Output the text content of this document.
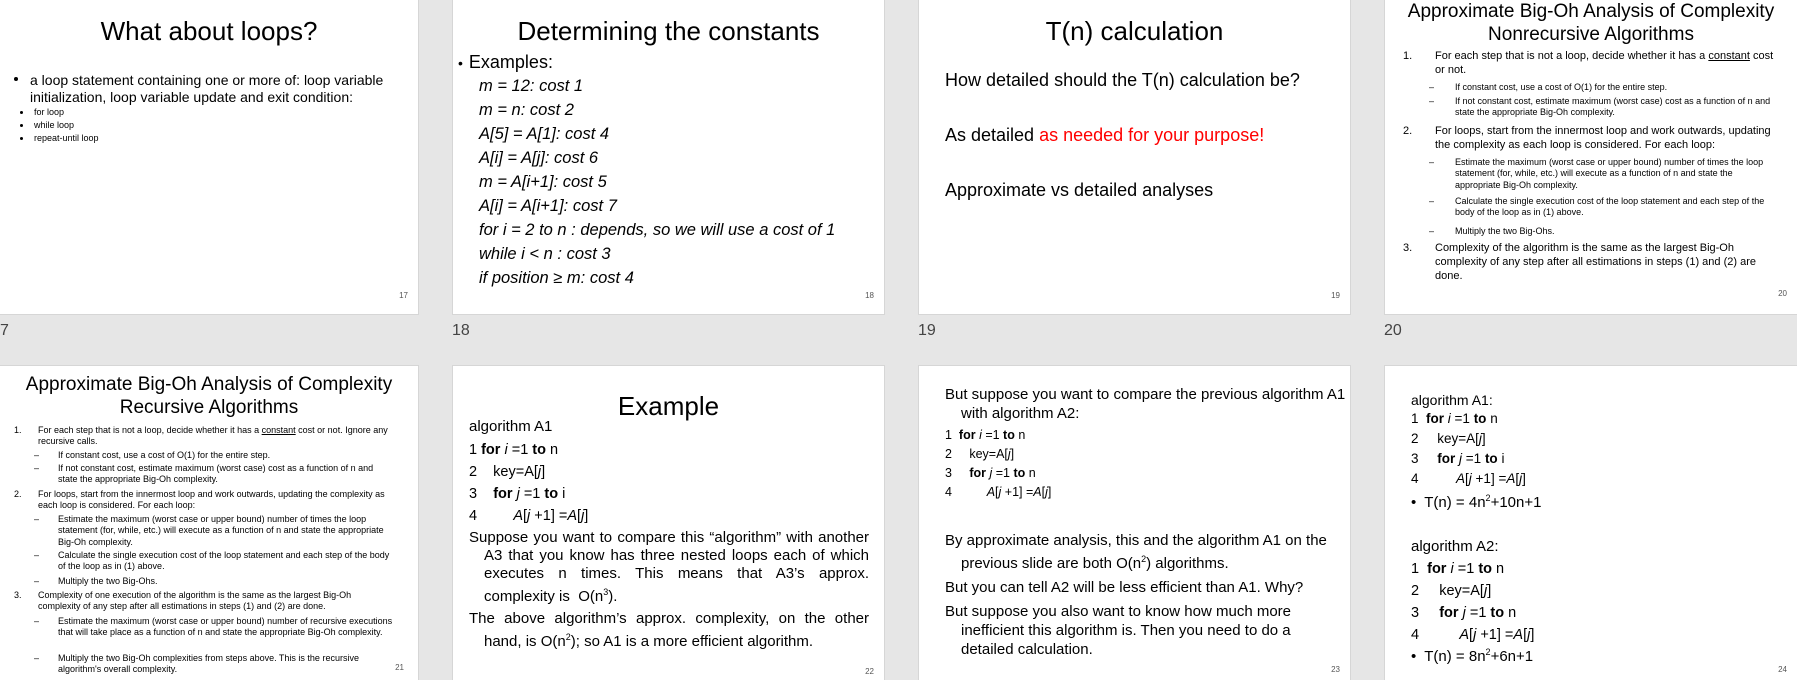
7	18	19	20
What about loops?
a loop statement containing one or more of: loop variable initialization, loop variable update and exit condition:
for loop
while loop
repeat-until loop
17
Determining the constants
• Examples:
m = 12: cost 1
m = n: cost 2
A[5] = A[1]: cost 4
A[i] = A[j]: cost 6
m = A[i+1]: cost 5
A[i] = A[i+1]: cost 7
for i = 2 to n : depends, so we will use a cost of 1
while i < n : cost 3
if position ≥ m: cost 4
18
T(n) calculation
How detailed should the T(n) calculation be?
As detailed as needed for your purpose!
Approximate vs detailed analyses
19
Approximate Big-Oh Analysis of Complexity
Nonrecursive Algorithms
1. For each step that is not a loop, decide whether it has a constant cost or not.
– If constant cost, use a cost of O(1) for the entire step.
– If not constant cost, estimate maximum (worst case) cost as a function of n and state the appropriate Big-Oh complexity.
2. For loops, start from the innermost loop and work outwards, updating the complexity as each loop is considered. For each loop:
– Estimate the maximum (worst case or upper bound) number of times the loop statement (for, while, etc.) will execute as a function of n and state the appropriate Big-Oh complexity.
– Calculate the single execution cost of the loop statement and each step of the body of the loop as in (1) above.
– Multiply the two Big-Ohs.
3. Complexity of the algorithm is the same as the largest Big-Oh complexity of any step after all estimations in steps (1) and (2) are done.
20
Approximate Big-Oh Analysis of Complexity
Recursive Algorithms
1. For each step that is not a loop, decide whether it has a constant cost or not. Ignore any recursive calls.
– If constant cost, use a cost of O(1) for the entire step.
– If not constant cost, estimate maximum (worst case) cost as a function of n and state the appropriate Big-Oh complexity.
2. For loops, start from the innermost loop and work outwards, updating the complexity as each loop is considered. For each loop:
– Estimate the maximum (worst case or upper bound) number of times the loop statement (for, while, etc.) will execute as a function of n and state the appropriate Big-Oh complexity.
– Calculate the single execution cost of the loop statement and each step of the body of the loop as in (1) above.
– Multiply the two Big-Ohs.
3. Complexity of one execution of the algorithm is the same as the largest Big-Oh complexity of any step after all estimations in steps (1) and (2) are done.
– Estimate the maximum (worst case or upper bound) number of recursive executions that will take place as a function of n and state the appropriate Big-Oh complexity.
– Multiply the two Big-Oh complexities from steps above. This is the recursive algorithm's overall complexity.	21
Example
algorithm A1
1 for i =1 to n
2    key=A[j]
3    for j =1 to i
4         A[j +1] =A[j]
Suppose you want to compare this “algorithm” with another A3 that you know has three nested loops each of which executes n times. This means that A3’s approx. complexity is  $O(n^3)$.
The above algorithm’s approx. complexity, on the other hand, is $O(n^2)$; so A1 is a more efficient algorithm.
22
But suppose you want to compare the previous algorithm A1 with algorithm A2:
1  for i =1 to n
2     key=A[j]
3     for j =1 to n
4          A[j +1] =A[j]
By approximate analysis, this and the algorithm A1 on the previous slide are both $O(n^2)$ algorithms.
But you can tell A2 will be less efficient than A1. Why?
But suppose you also want to know how much more inefficient this algorithm is. Then you need to do a detailed calculation.
23
algorithm A1:
1  for i =1 to n
2     key=A[j]
3     for j =1 to i
4          A[j +1] =A[j]
• $T(n) = 4n^2+10n+1$
algorithm A2:
1  for i =1 to n
2     key=A[j]
3     for j =1 to n
4          A[j +1] =A[j]
• $T(n) = 8n^2+6n+1$
24
